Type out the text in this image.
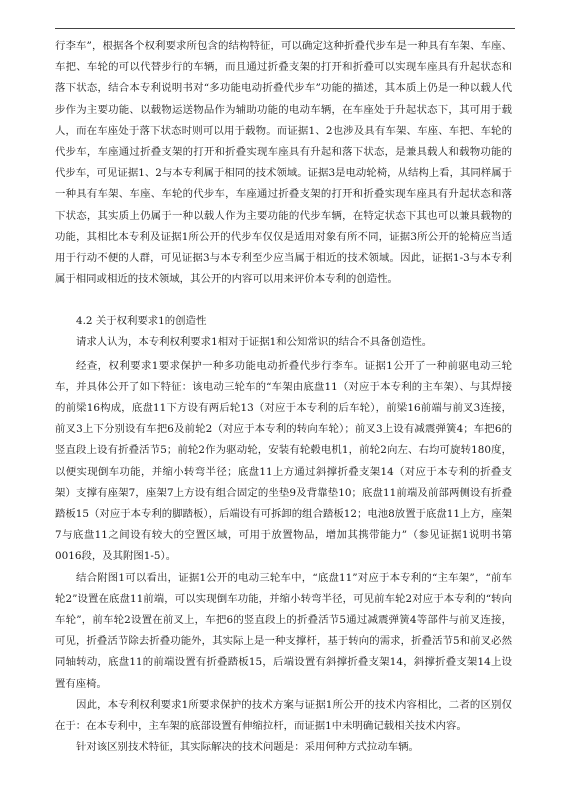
行李车”，根据各个权利要求所包含的结构特征，可以确定这种折叠代步车是一种具有车架、车座、车把、车轮的可以代替步行的车辆，而且通过折叠支架的打开和折叠可以实现车座具有升起状态和落下状态，结合本专利说明书对“多功能电动折叠代步车”功能的描述，其本质上仍是一种以载人代步作为主要功能、以载物运送物品作为辅助功能的电动车辆，在车座处于升起状态下，其可用于载人，而在车座处于落下状态时则可以用于载物。而证据1、2也涉及具有车架、车座、车把、车轮的代步车，车座通过折叠支架的打开和折叠实现车座具有升起和落下状态，是兼具载人和载物功能的代步车，可见证据1、2与本专利属于相同的技术领域。证据3是电动轮椅，从结构上看，其同样属于一种具有车架、车座、车轮的代步车，车座通过折叠支架的打开和折叠实现车座具有升起状态和落下状态，其实质上仍属于一种以载人作为主要功能的代步车辆，在特定状态下其也可以兼具载物的功能，其相比本专利及证据1所公开的代步车仅仅是适用对象有所不同，证据3所公开的轮椅应当适用于行动不便的人群，可见证据3与本专利至少应当属于相近的技术领域。因此，证据1-3与本专利属于相同或相近的技术领域，其公开的内容可以用来评价本专利的创造性。

4.2 关于权利要求1的创造性

请求人认为，本专利权利要求1相对于证据1和公知常识的结合不具备创造性。

经查，权利要求1要求保护一种多功能电动折叠代步行李车。证据1公开了一种前驱电动三轮车，并具体公开了如下特征：该电动三轮车的“车架由底盘11（对应于本专利的主车架）、与其焊接的前梁16构成，底盘11下方设有两后轮13（对应于本专利的后车轮），前梁16前端与前叉3连接，前叉3上下分别设有车把6及前轮2（对应于本专利的转向车轮）；前叉3上设有减震弹簧4；车把6的竖直段上设有折叠活节5；前轮2作为驱动轮，安装有轮毂电机1，前轮2向左、右均可旋转180度，以便实现倒车功能，并缩小转弯半径；底盘11上方通过斜撑折叠支架14（对应于本专利的折叠支架）支撑有座架7，座架7上方设有组合固定的坐垫9及背靠垫10；底盘11前端及前部两侧设有折叠踏板15（对应于本专利的脚踏板），后端设有可拆卸的组合踏板12；电池8放置于底盘11上方，座架7与底盘11之间设有较大的空置区域，可用于放置物品，增加其携带能力”（参见证据1说明书第0016段，及其附图1-5）。

结合附图1可以看出，证据1公开的电动三轮车中，“底盘11”对应于本专利的“主车架”，“前车轮2”设置在底盘11前端，可以实现倒车功能，并缩小转弯半径，可见前车轮2对应于本专利的“转向车轮”，前车轮2设置在前叉上，车把6的竖直段上的折叠活节5通过减震弹簧4等部件与前叉连接，可见，折叠活节除去折叠功能外，其实际上是一种支撑杆，基于转向的需求，折叠活节5和前叉必然同轴转动，底盘11的前端设置有折叠踏板15，后端设置有斜撑折叠支架14，斜撑折叠支架14上设置有座椅。

因此，本专利权利要求1所要求保护的技术方案与证据1所公开的技术内容相比，二者的区别仅在于：在本专利中，主车架的底部设置有伸缩拉杆，而证据1中未明确记载相关技术内容。

针对该区别技术特征，其实际解决的技术问题是：采用何种方式拉动车辆。
